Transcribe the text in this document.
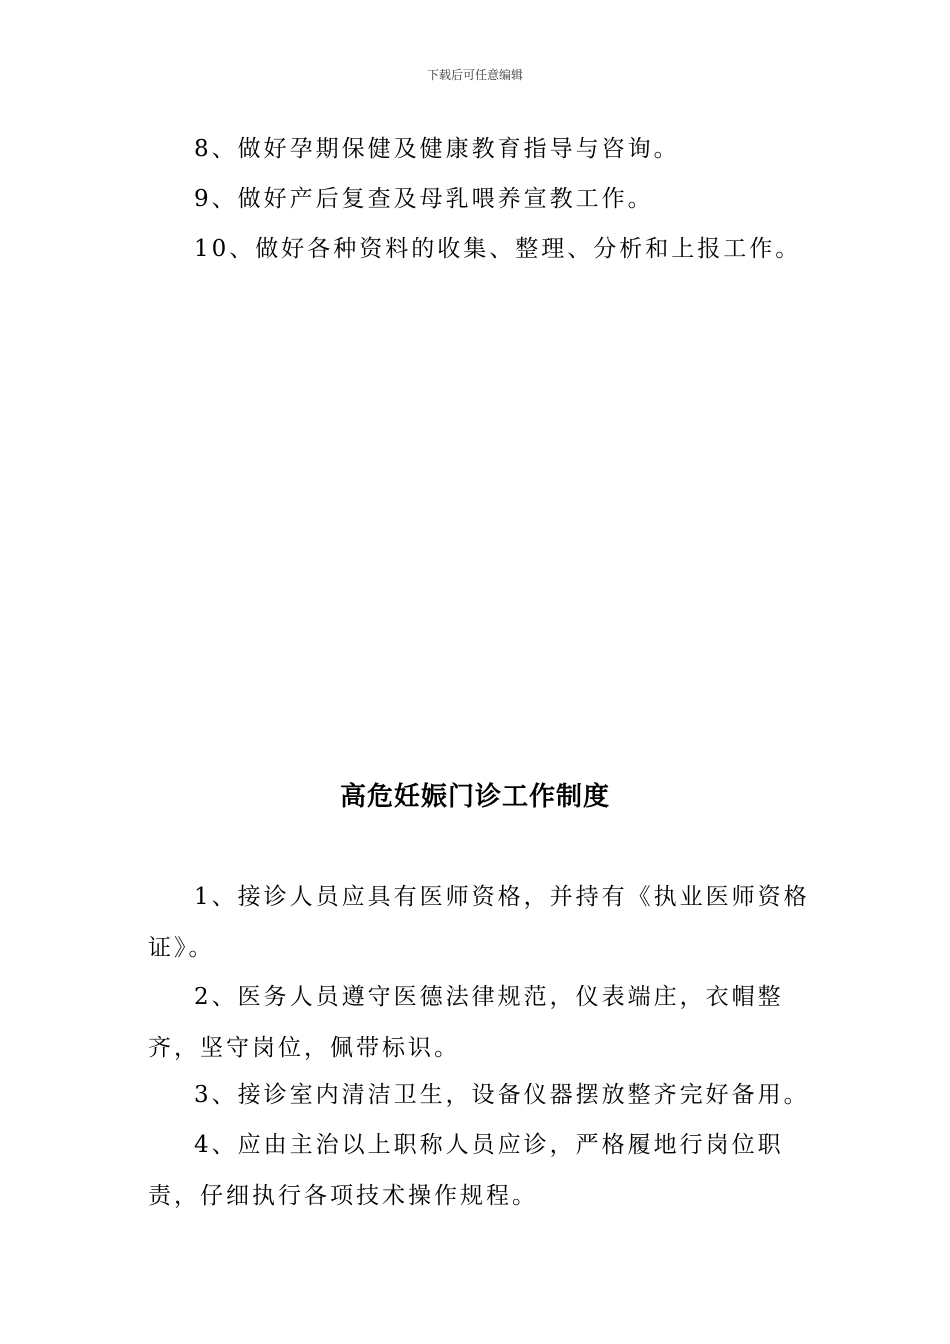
下载后可任意编辑

8、做好孕期保健及健康教育指导与咨询。

9、做好产后复查及母乳喂养宣教工作。

10、做好各种资料的收集、整理、分析和上报工作。

高危妊娠门诊工作制度

1、接诊人员应具有医师资格，并持有《执业医师资格证》。

2、医务人员遵守医德法律规范，仪表端庄，衣帽整齐，坚守岗位，佩带标识。

3、接诊室内清洁卫生，设备仪器摆放整齐完好备用。

4、应由主治以上职称人员应诊，严格履地行岗位职责，仔细执行各项技术操作规程。
